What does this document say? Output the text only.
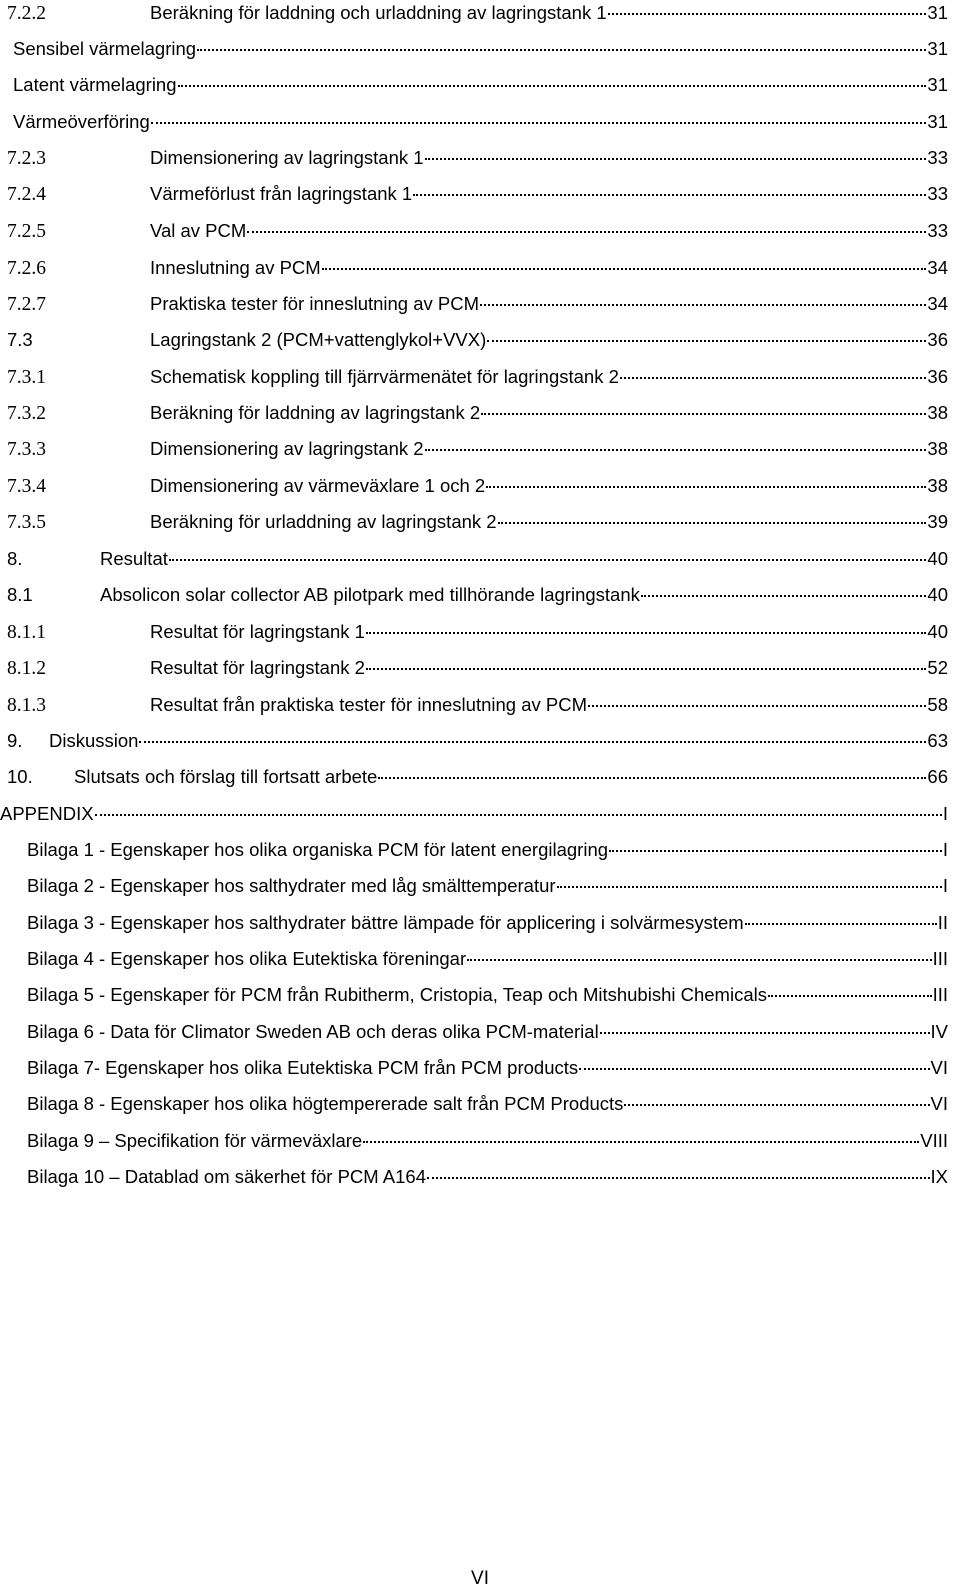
7.2.2	Beräkning för laddning och urladdning av lagringstank 1	31
Sensibel värmelagring	31
Latent värmelagring	31
Värmeöverföring	31
7.2.3	Dimensionering av lagringstank 1	33
7.2.4	Värmeförlust från lagringstank 1	33
7.2.5	Val av PCM	33
7.2.6	Inneslutning av PCM	34
7.2.7	Praktiska tester för inneslutning av PCM	34
7.3	Lagringstank 2 (PCM+vattenglykol+VVX)	36
7.3.1	Schematisk koppling till fjärrvärmenätet för lagringstank 2	36
7.3.2	Beräkning för laddning av lagringstank 2	38
7.3.3	Dimensionering av lagringstank 2	38
7.3.4	Dimensionering av värmeväxlare 1 och 2	38
7.3.5	Beräkning för urladdning av lagringstank 2	39
8.	Resultat	40
8.1	Absolicon solar collector AB pilotpark med tillhörande lagringstank	40
8.1.1	Resultat för lagringstank 1	40
8.1.2	Resultat för lagringstank 2	52
8.1.3	Resultat från praktiska tester för inneslutning av PCM	58
9.	Diskussion	63
10.	Slutsats och förslag till fortsatt arbete	66
APPENDIX	I
Bilaga 1 - Egenskaper hos olika organiska PCM för latent energilagring	I
Bilaga 2 - Egenskaper hos salthydrater med låg smälttemperatur	I
Bilaga 3 - Egenskaper hos salthydrater bättre lämpade för applicering i solvärmesystem	II
Bilaga 4 - Egenskaper hos olika Eutektiska föreningar	III
Bilaga 5 - Egenskaper för PCM från Rubitherm, Cristopia, Teap och Mitshubishi Chemicals	III
Bilaga 6 - Data för Climator Sweden AB och deras olika PCM-material	IV
Bilaga 7- Egenskaper hos olika Eutektiska PCM från PCM products	VI
Bilaga 8 - Egenskaper hos olika högtempererade salt från PCM Products	VI
Bilaga 9 – Specifikation för värmeväxlare	VIII
Bilaga 10 – Datablad om säkerhet för PCM A164	IX
VI
